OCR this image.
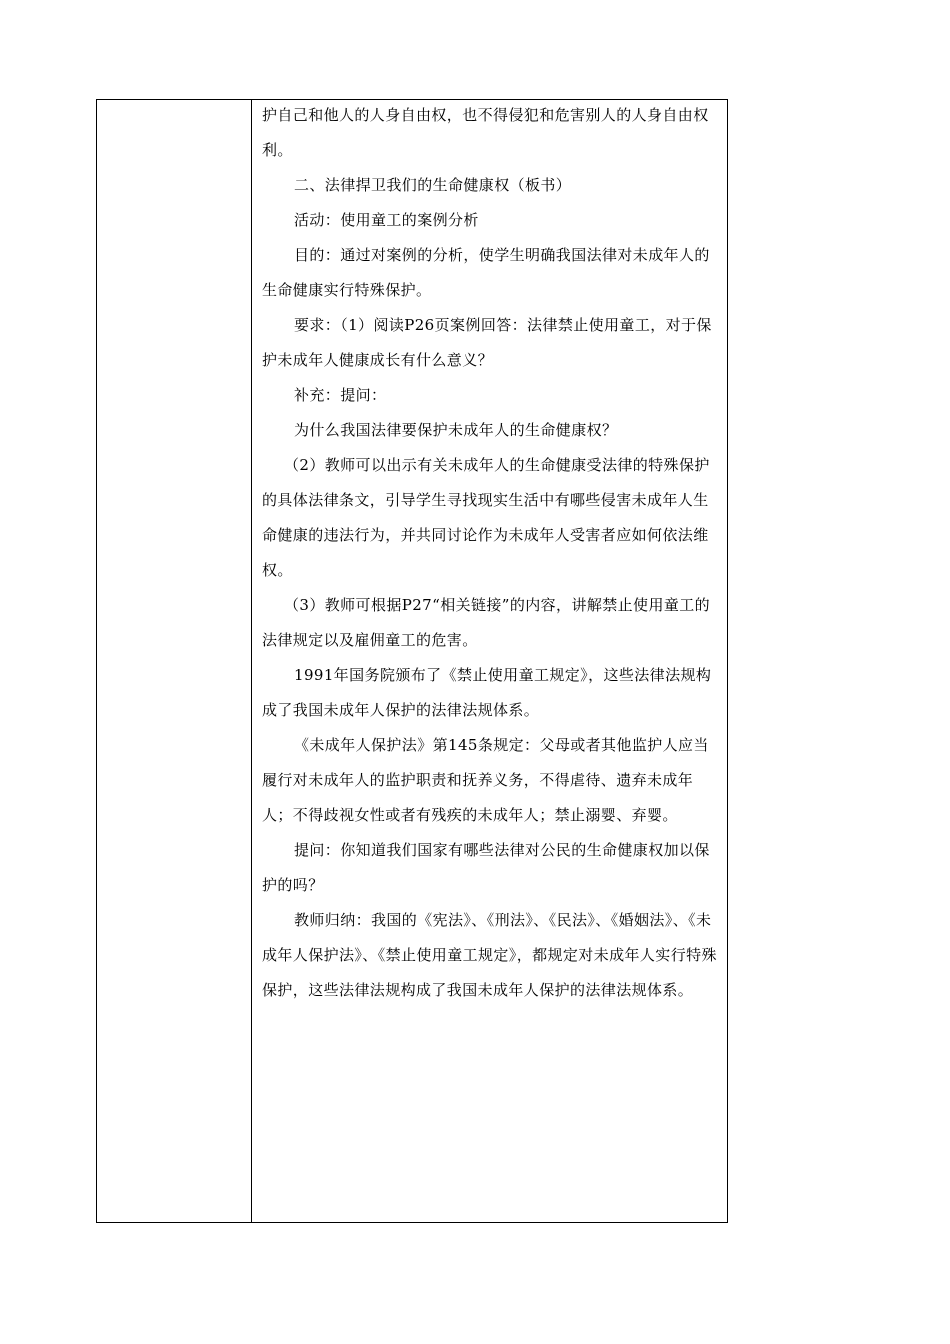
护自己和他人的人身自由权，也不得侵犯和危害别人的人身自由权利。

二、法律捍卫我们的生命健康权（板书）

活动：使用童工的案例分析

目的：通过对案例的分析，使学生明确我国法律对未成年人的生命健康实行特殊保护。

要求：（1）阅读P26页案例回答：法律禁止使用童工，对于保护未成年人健康成长有什么意义？

补充：提问：

为什么我国法律要保护未成年人的生命健康权？

（2）教师可以出示有关未成年人的生命健康受法律的特殊保护的具体法律条文，引导学生寻找现实生活中有哪些侵害未成年人生命健康的违法行为，并共同讨论作为未成年人受害者应如何依法维权。

（3）教师可根据P27“相关链接”的内容，讲解禁止使用童工的法律规定以及雇佣童工的危害。

1991年国务院颁布了《禁止使用童工规定》，这些法律法规构成了我国未成年人保护的法律法规体系。

《未成年人保护法》第145条规定：父母或者其他监护人应当履行对未成年人的监护职责和抚养义务，不得虐待、遗弃未成年人；不得歧视女性或者有残疾的未成年人；禁止溺婴、弃婴。

提问：你知道我们国家有哪些法律对公民的生命健康权加以保护的吗？

教师归纳：我国的《宪法》、《刑法》、《民法》、《婚姻法》、《未成年人保护法》、《禁止使用童工规定》，都规定对未成年人实行特殊保护，这些法律法规构成了我国未成年人保护的法律法规体系。
